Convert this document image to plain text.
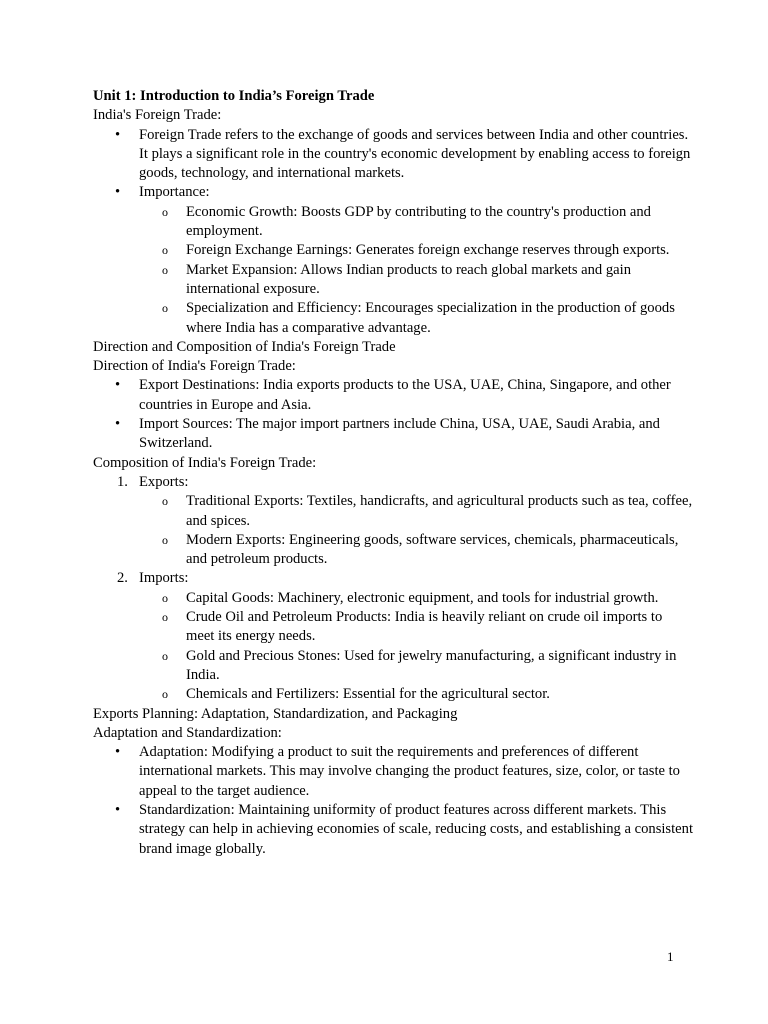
Unit 1: Introduction to India’s Foreign Trade

India's Foreign Trade:

• Foreign Trade refers to the exchange of goods and services between India and other countries. It plays a significant role in the country's economic development by enabling access to foreign goods, technology, and international markets.
• Importance:
o Economic Growth: Boosts GDP by contributing to the country's production and employment.
o Foreign Exchange Earnings: Generates foreign exchange reserves through exports.
o Market Expansion: Allows Indian products to reach global markets and gain international exposure.
o Specialization and Efficiency: Encourages specialization in the production of goods where India has a comparative advantage.

Direction and Composition of India's Foreign Trade

Direction of India's Foreign Trade:

• Export Destinations: India exports products to the USA, UAE, China, Singapore, and other countries in Europe and Asia.
• Import Sources: The major import partners include China, USA, UAE, Saudi Arabia, and Switzerland.

Composition of India's Foreign Trade:

1. Exports:
o Traditional Exports: Textiles, handicrafts, and agricultural products such as tea, coffee, and spices.
o Modern Exports: Engineering goods, software services, chemicals, pharmaceuticals, and petroleum products.
2. Imports:
o Capital Goods: Machinery, electronic equipment, and tools for industrial growth.
o Crude Oil and Petroleum Products: India is heavily reliant on crude oil imports to meet its energy needs.
o Gold and Precious Stones: Used for jewelry manufacturing, a significant industry in India.
o Chemicals and Fertilizers: Essential for the agricultural sector.

Exports Planning: Adaptation, Standardization, and Packaging

Adaptation and Standardization:

• Adaptation: Modifying a product to suit the requirements and preferences of different international markets. This may involve changing the product features, size, color, or taste to appeal to the target audience.
• Standardization: Maintaining uniformity of product features across different markets. This strategy can help in achieving economies of scale, reducing costs, and establishing a consistent brand image globally.
1
